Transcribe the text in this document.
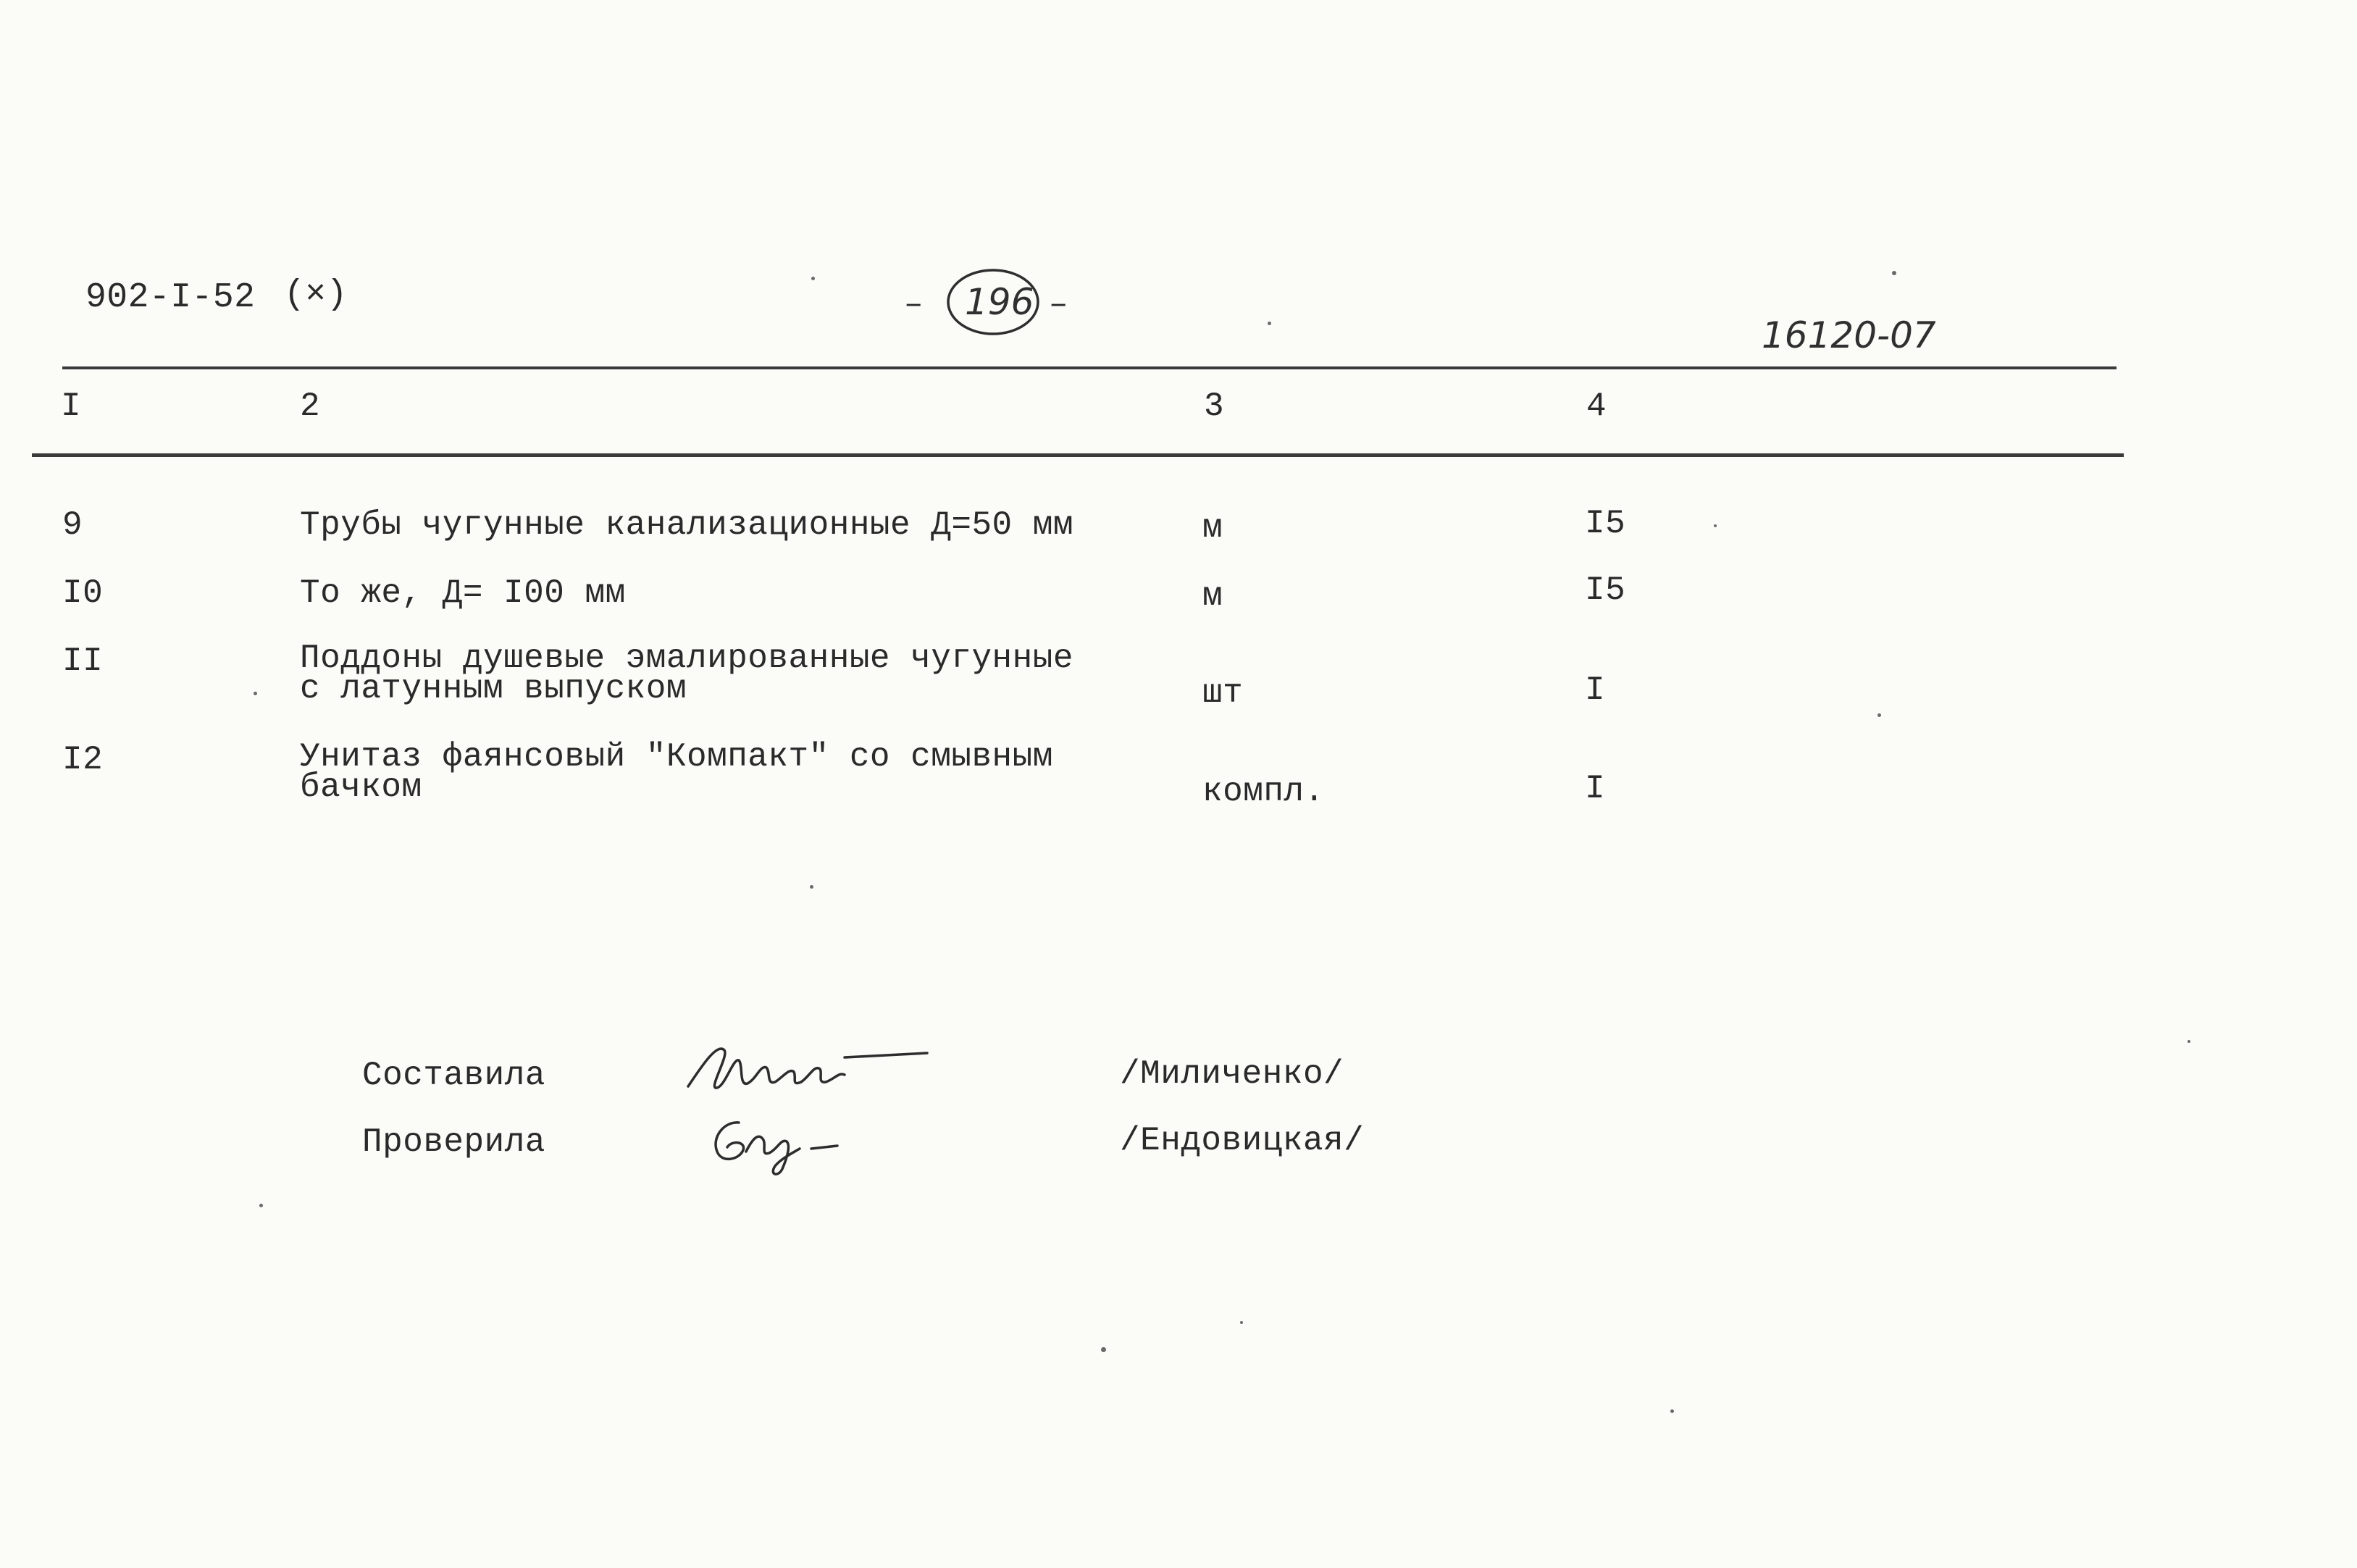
902-I-52 (×)	– 196 –
16120-07
I	2	3	4
9	Трубы чугунные канализационные Д=50 мм	м	I5
I0	То же, Д= I00 мм	м	I5
II	Поддоны душевые эмалированные чугунные
с латунным выпуском	шт	I
I2	Унитаз фаянсовый "Компакт" со смывным
бачком	компл.	I
Составила
Проверила
/Миличенко/
/Ендовицкая/
